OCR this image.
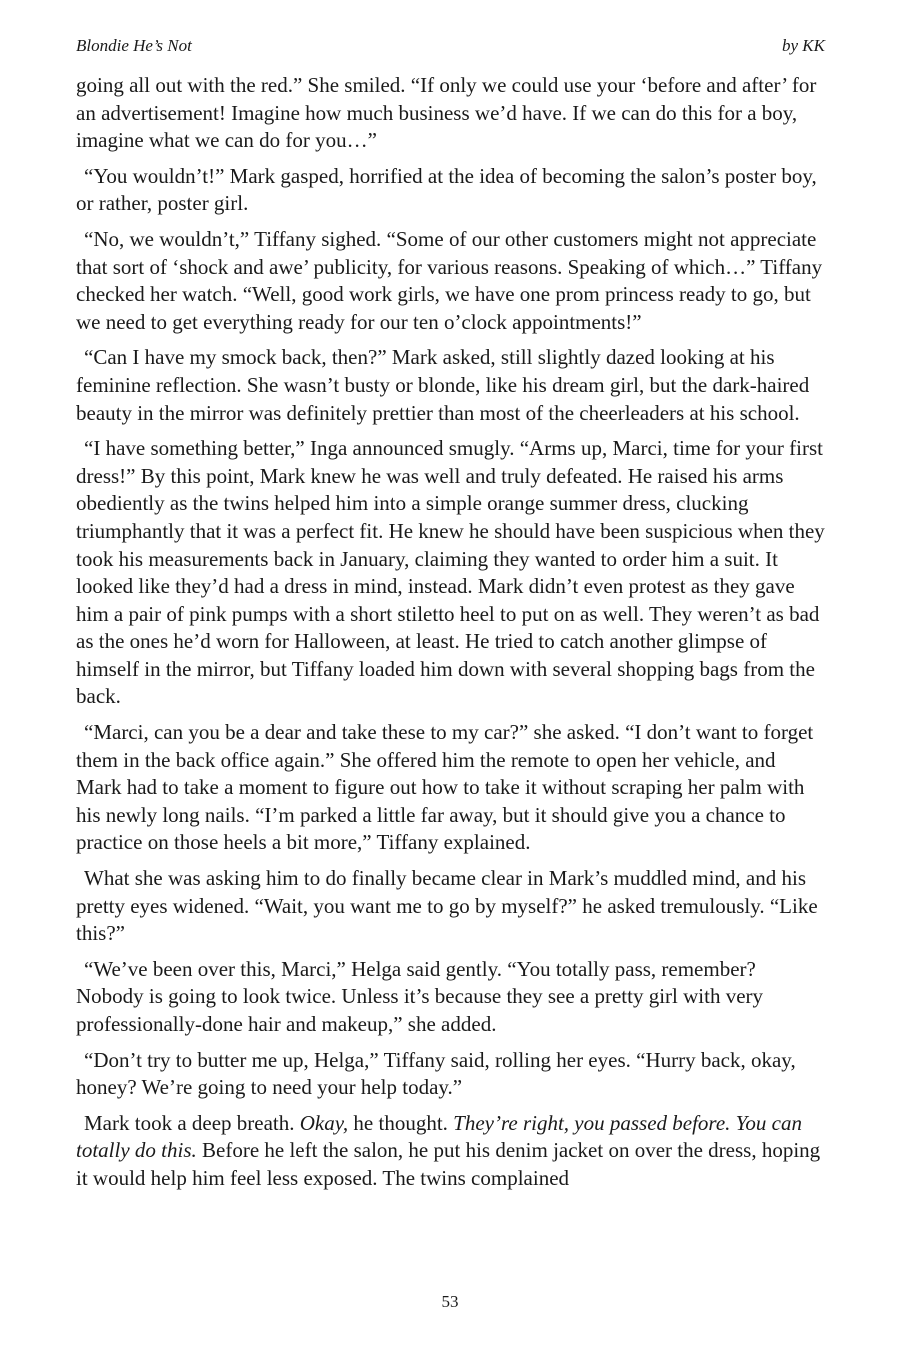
Blondie He’s Not	by KK

going all out with the red.” She smiled. “If only we could use your ‘before and after’ for an advertisement! Imagine how much business we’d have. If we can do this for a boy, imagine what we can do for you…”

“You wouldn’t!” Mark gasped, horrified at the idea of becoming the salon’s poster boy, or rather, poster girl.

“No, we wouldn’t,” Tiffany sighed. “Some of our other customers might not appreciate that sort of ‘shock and awe’ publicity, for various reasons. Speaking of which…” Tiffany checked her watch. “Well, good work girls, we have one prom princess ready to go, but we need to get everything ready for our ten o’clock appointments!”

“Can I have my smock back, then?” Mark asked, still slightly dazed looking at his feminine reflection. She wasn’t busty or blonde, like his dream girl, but the dark-haired beauty in the mirror was definitely prettier than most of the cheerleaders at his school.

“I have something better,” Inga announced smugly. “Arms up, Marci, time for your first dress!” By this point, Mark knew he was well and truly defeated. He raised his arms obediently as the twins helped him into a simple orange summer dress, clucking triumphantly that it was a perfect fit. He knew he should have been suspicious when they took his measurements back in January, claiming they wanted to order him a suit. It looked like they’d had a dress in mind, instead. Mark didn’t even protest as they gave him a pair of pink pumps with a short stiletto heel to put on as well. They weren’t as bad as the ones he’d worn for Halloween, at least. He tried to catch another glimpse of himself in the mirror, but Tiffany loaded him down with several shopping bags from the back.

“Marci, can you be a dear and take these to my car?” she asked. “I don’t want to forget them in the back office again.” She offered him the remote to open her vehicle, and Mark had to take a moment to figure out how to take it without scraping her palm with his newly long nails. “I’m parked a little far away, but it should give you a chance to practice on those heels a bit more,” Tiffany explained.

What she was asking him to do finally became clear in Mark’s muddled mind, and his pretty eyes widened. “Wait, you want me to go by myself?” he asked tremulously. “Like this?”

“We’ve been over this, Marci,” Helga said gently. “You totally pass, remember? Nobody is going to look twice. Unless it’s because they see a pretty girl with very professionally-done hair and makeup,” she added.

“Don’t try to butter me up, Helga,” Tiffany said, rolling her eyes. “Hurry back, okay, honey? We’re going to need your help today.”

Mark took a deep breath. Okay, he thought. They’re right, you passed before. You can totally do this. Before he left the salon, he put his denim jacket on over the dress, hoping it would help him feel less exposed. The twins complained

53
